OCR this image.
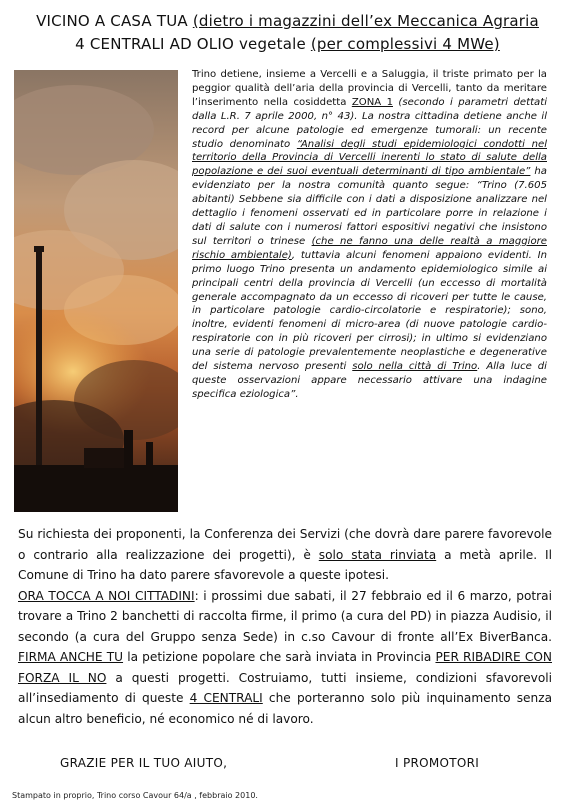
VICINO A CASA TUA (dietro i magazzini dell’ex Meccanica Agraria
4 CENTRALI AD OLIO vegetale (per complessivi 4 MWe)
Trino detiene, insieme a Vercelli e a Saluggia, il triste primato per la peggior qualità dell’aria della provincia di Vercelli, tanto da meritare l’inserimento nella cosiddetta ZONA 1 (secondo i parametri dettati dalla L.R. 7 aprile 2000, n° 43). La nostra cittadina detiene anche il record per alcune patologie ed emergenze tumorali: un recente studio denominato “Analisi degli studi epidemiologici condotti nel territorio della Provincia di Vercelli inerenti lo stato di salute della popolazione e dei suoi eventuali determinanti di tipo ambientale” ha evidenziato per la nostra comunità quanto segue: “Trino (7.605 abitanti) Sebbene sia difficile con i dati a disposizione analizzare nel dettaglio i fenomeni osservati ed in particolare porre in relazione i dati di salute con i numerosi fattori espositivi negativi che insistono sul territori o trinese (che ne fanno una delle realtà a maggiore rischio ambientale), tuttavia alcuni fenomeni appaiono evidenti. In primo luogo Trino presenta un andamento epidemiologico simile ai principali centri della provincia di Vercelli (un eccesso di mortalità generale accompagnato da un eccesso di ricoveri per tutte le cause, in particolare patologie cardio-circolatorie e respiratorie); sono, inoltre, evidenti fenomeni di micro-area (di nuove patologie cardio-respiratorie con in più ricoveri per cirrosi); in ultimo si evidenziano una serie di patologie prevalentemente neoplastiche e degenerative del sistema nervoso presenti solo nella città di Trino. Alla luce di queste osservazioni appare necessario attivare una indagine specifica eziologica”.
Su richiesta dei proponenti, la Conferenza dei Servizi (che dovrà dare parere favorevole o contrario alla realizzazione dei progetti), è solo stata rinviata a metà aprile. Il Comune di Trino ha dato parere sfavorevole a queste ipotesi.
ORA TOCCA A NOI CITTADINI: i prossimi due sabati, il 27 febbraio ed il 6 marzo, potrai trovare a Trino 2 banchetti di raccolta firme, il primo (a cura del PD) in piazza Audisio, il secondo (a cura del Gruppo senza Sede) in c.so Cavour di fronte all’Ex BiverBanca. FIRMA ANCHE TU la petizione popolare che sarà inviata in Provincia PER RIBADIRE CON FORZA IL NO a questi progetti. Costruiamo, tutti insieme, condizioni sfavorevoli all’insediamento di queste 4 CENTRALI che porteranno solo più inquinamento senza alcun altro beneficio, né economico né di lavoro.
GRAZIE PER IL TUO AIUTO,	I PROMOTORI
Stampato in proprio, Trino corso Cavour 64/a , febbraio 2010.
